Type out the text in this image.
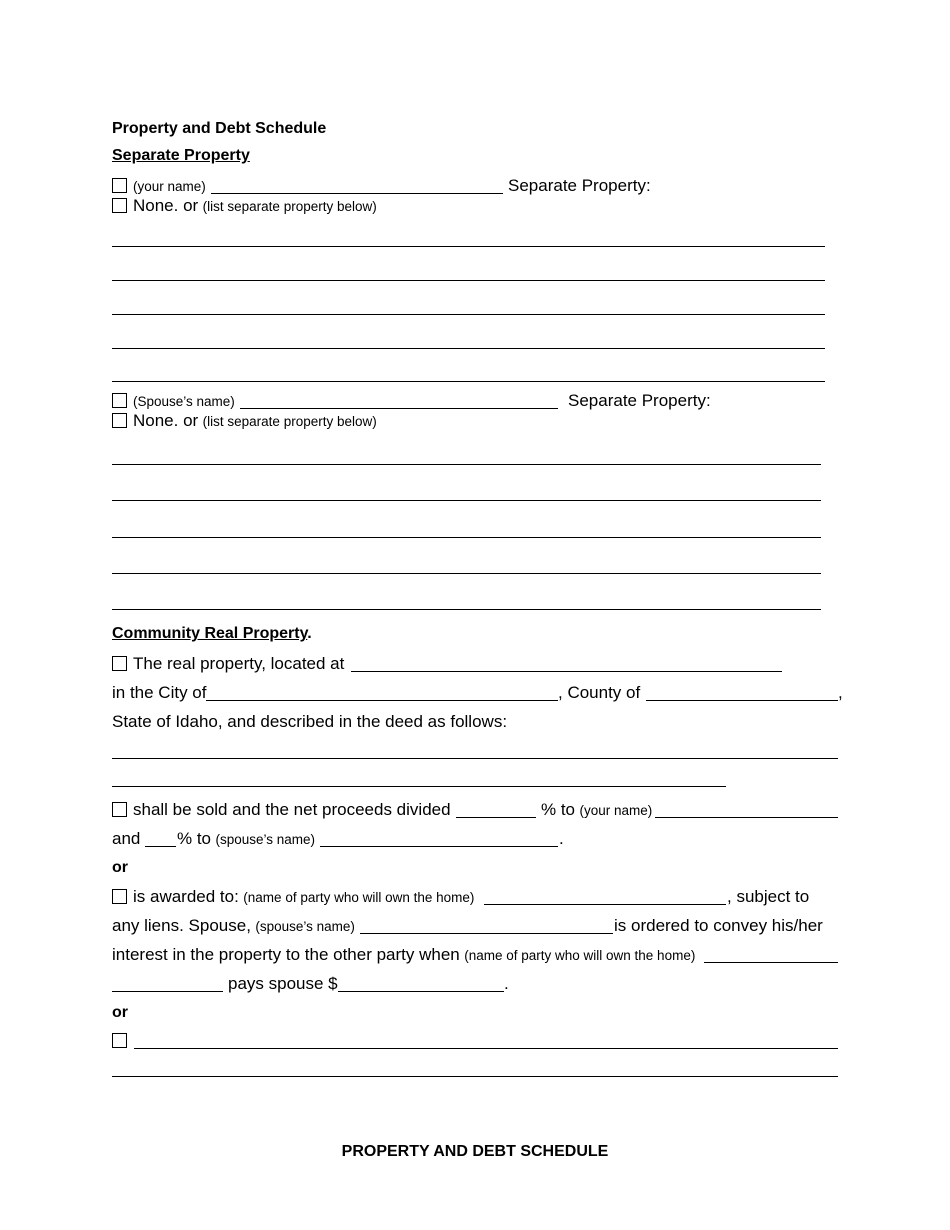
Property and Debt Schedule
Separate Property
(your name)	Separate Property:
None. or (list separate property below)
(Spouse’s name)	Separate Property:
None. or (list separate property below)
Community Real Property.
The real property, located at
in the City of	, County of	,
State of Idaho, and described in the deed as follows:
shall be sold and the net proceeds divided	% to (your name)
and % to (spouse’s name)	.
or
is awarded to: (name of party who will own the home)	, subject to
any liens. Spouse, (spouse’s name)	is ordered to convey his/her
interest in the property to the other party when (name of party who will own the home)
pays spouse $	.
or
PROPERTY AND DEBT SCHEDULE
